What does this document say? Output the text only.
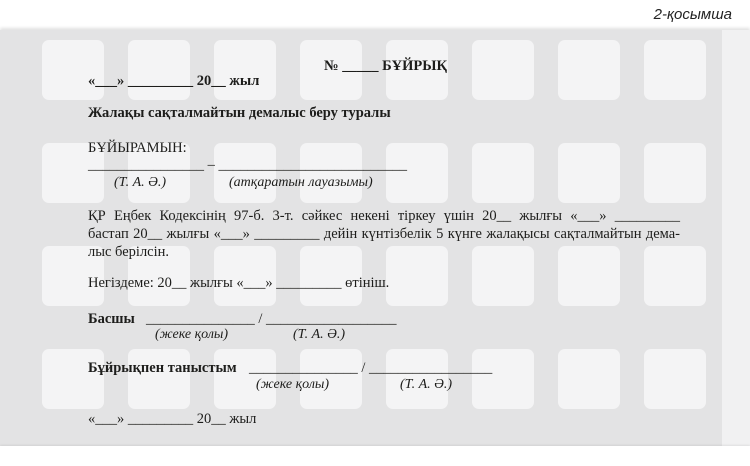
2-қосымша
№ _____ БҰЙРЫҚ
«___» _________ 20__ жыл
Жалақы сақталмайтын демалыс беру туралы
БҰЙЫРАМЫН:
________________ – __________________________
(Т. А. Ә.)	(атқаратын лауазымы)
ҚР Еңбек Кодексінің 97-б. 3-т. сәйкес некені тіркеу үшін 20__ жылғы «___» _________
бастап 20__ жылғы «___» _________ дейін күнтізбелік 5 күнге жалақысы сақталмайтын дема-
лыс берілсін.
Негіздеме: 20__ жылғы «___» _________ өтініш.
Басшы _______________ / __________________
(жеке қолы)	(Т. А. Ә.)
Бұйрықпен таныстым _______________ / _________________
(жеке қолы)	(Т. А. Ә.)
«___» _________ 20__ жыл
